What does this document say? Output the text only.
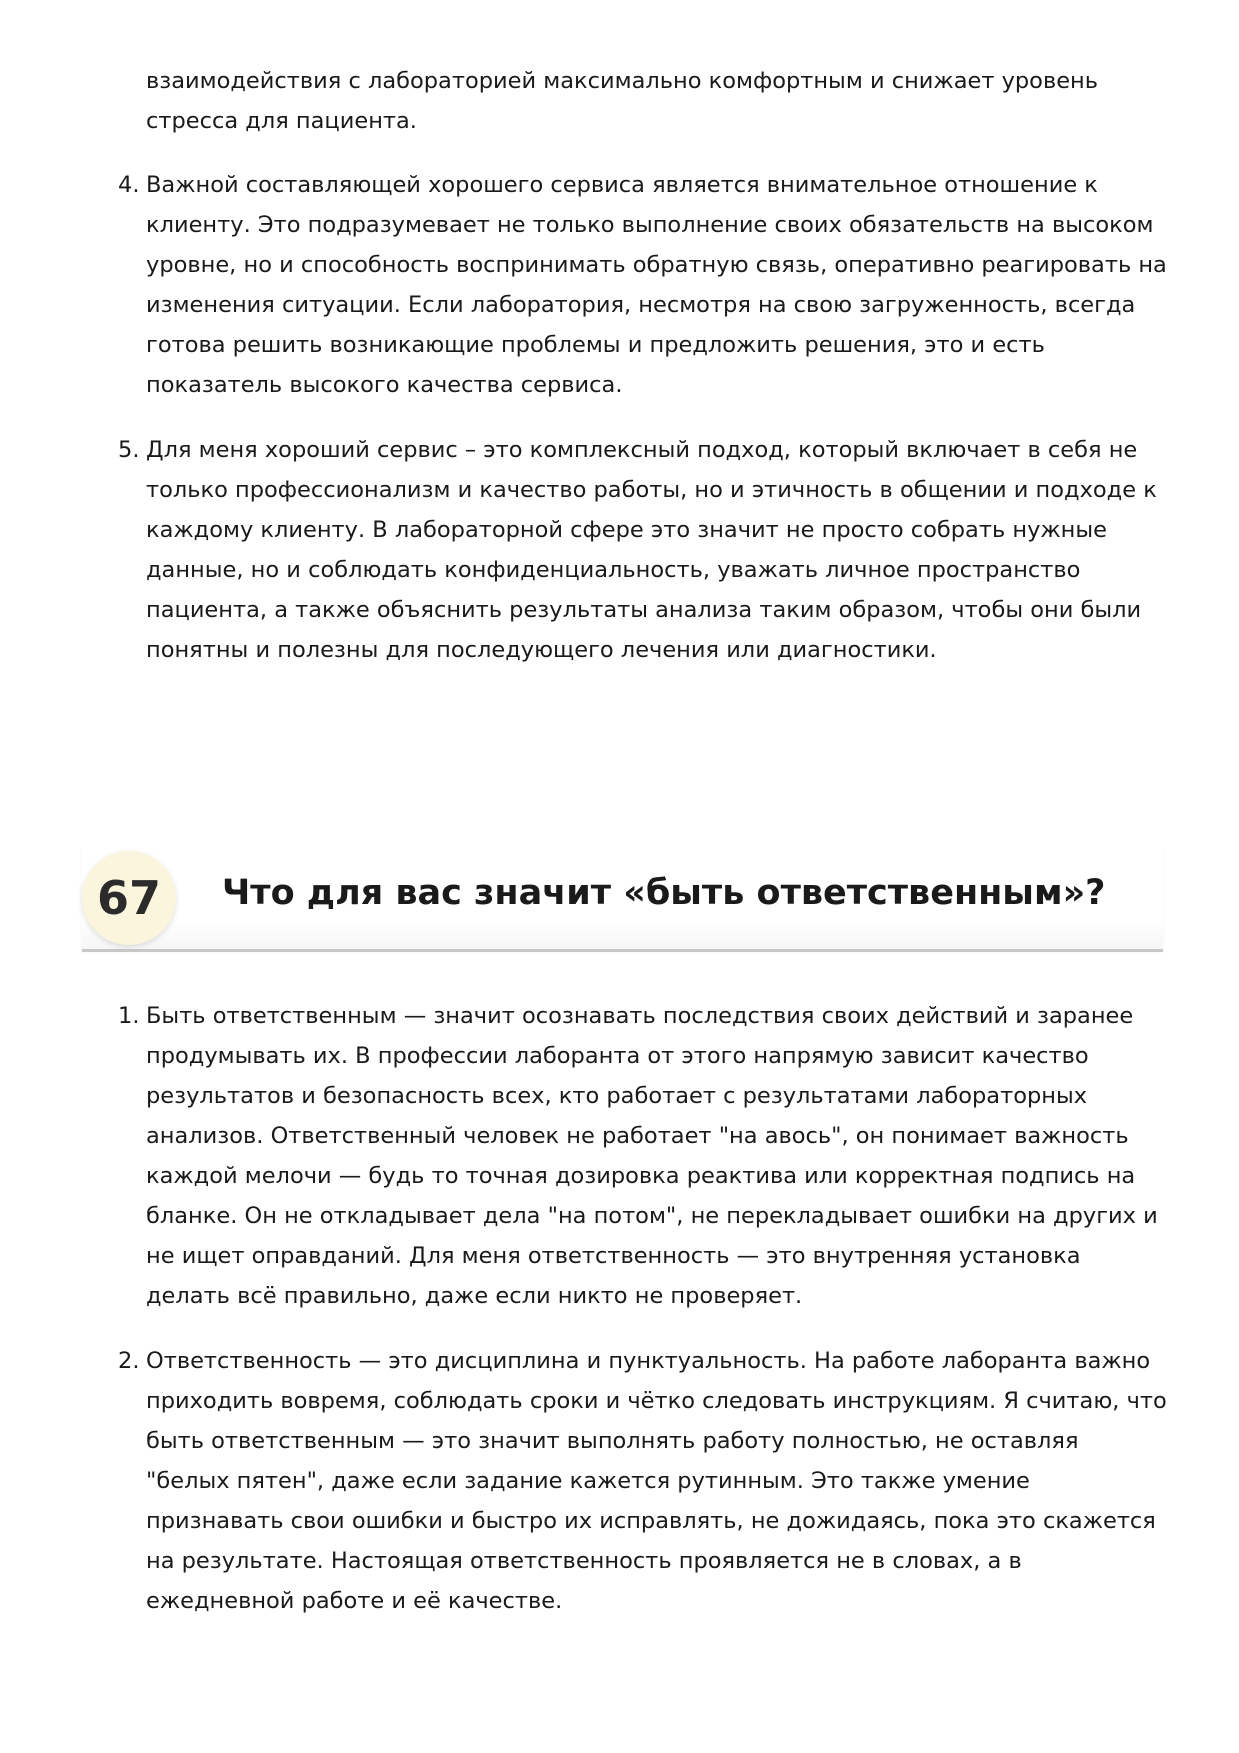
взаимодействия с лабораторией максимально комфортным и снижает уровень стресса для пациента.

4. Важной составляющей хорошего сервиса является внимательное отношение к клиенту. Это подразумевает не только выполнение своих обязательств на высоком уровне, но и способность воспринимать обратную связь, оперативно реагировать на изменения ситуации. Если лаборатория, несмотря на свою загруженность, всегда готова решить возникающие проблемы и предложить решения, это и есть показатель высокого качества сервиса.
5. Для меня хороший сервис – это комплексный подход, который включает в себя не только профессионализм и качество работы, но и этичность в общении и подходе к каждому клиенту. В лабораторной сфере это значит не просто собрать нужные данные, но и соблюдать конфиденциальность, уважать личное пространство пациента, а также объяснить результаты анализа таким образом, чтобы они были понятны и полезны для последующего лечения или диагностики.
67	Что для вас значит «быть ответственным»?
1. Быть ответственным — значит осознавать последствия своих действий и заранее продумывать их. В профессии лаборанта от этого напрямую зависит качество результатов и безопасность всех, кто работает с результатами лабораторных анализов. Ответственный человек не работает "на авось", он понимает важность каждой мелочи — будь то точная дозировка реактива или корректная подпись на бланке. Он не откладывает дела "на потом", не перекладывает ошибки на других и не ищет оправданий. Для меня ответственность — это внутренняя установка делать всё правильно, даже если никто не проверяет.
2. Ответственность — это дисциплина и пунктуальность. На работе лаборанта важно приходить вовремя, соблюдать сроки и чётко следовать инструкциям. Я считаю, что быть ответственным — это значит выполнять работу полностью, не оставляя "белых пятен", даже если задание кажется рутинным. Это также умение признавать свои ошибки и быстро их исправлять, не дожидаясь, пока это скажется на результате. Настоящая ответственность проявляется не в словах, а в ежедневной работе и её качестве.
